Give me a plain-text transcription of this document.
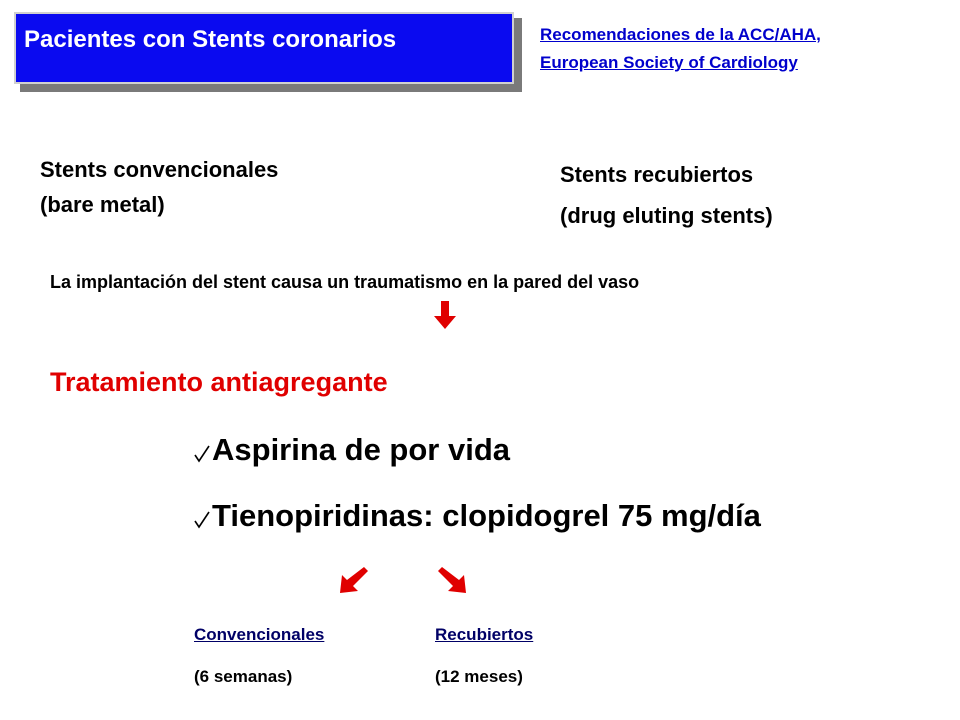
Pacientes con Stents coronarios	Recomendaciones de la ACC/AHA,
European Society of Cardiology
Stents convencionales
(bare metal)
Stents recubiertos
(drug eluting stents)
La implantación del stent causa un traumatismo en la pared del vaso
Tratamiento antiagregante
Aspirina de por vida
Tienopiridinas: clopidogrel 75 mg/día
Convencionales
(6 semanas)
Recubiertos
(12 meses)
